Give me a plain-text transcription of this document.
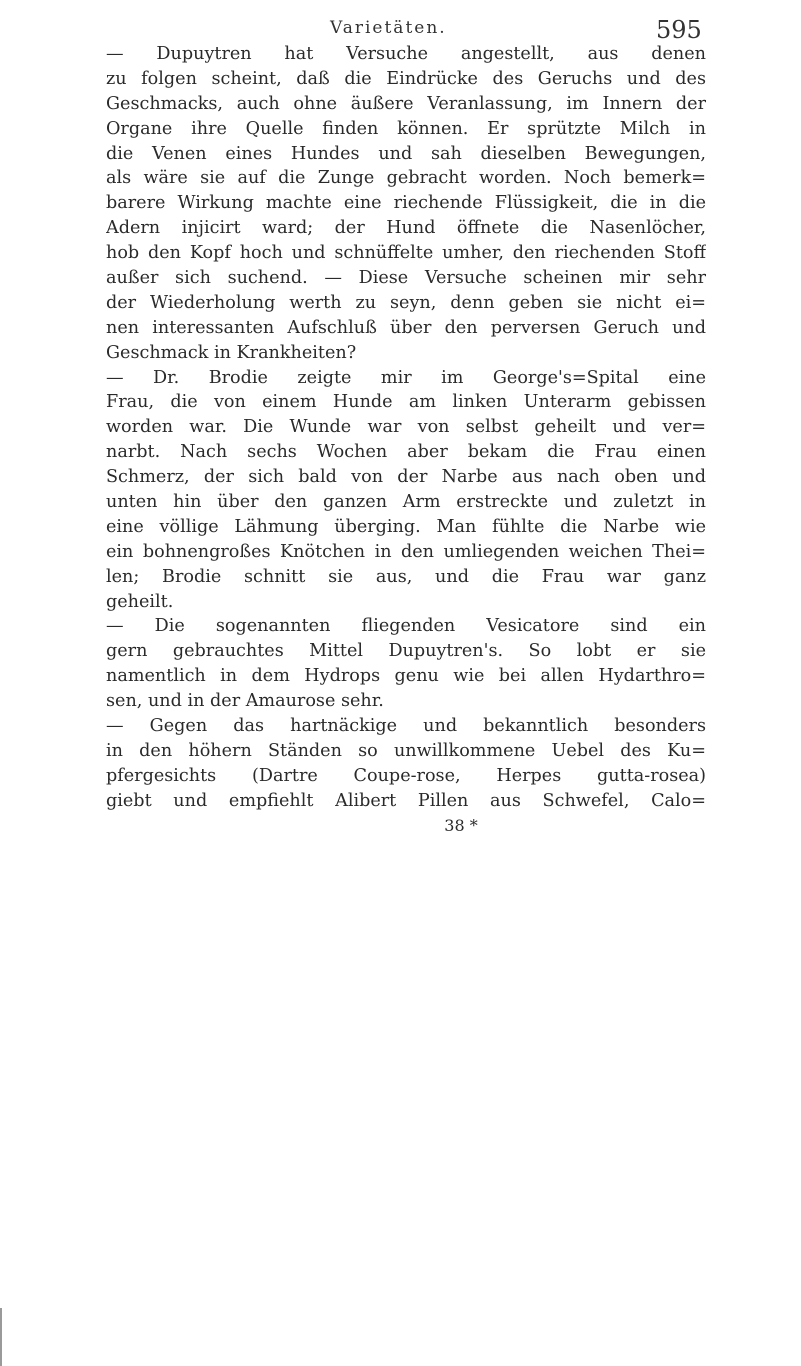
Varietäten.	595
— Dupuytren hat Versuche angestellt, aus denen
zu folgen scheint, daß die Eindrücke des Geruchs und des
Geschmacks, auch ohne äußere Veranlassung, im Innern der
Organe ihre Quelle finden können. Er sprützte Milch in
die Venen eines Hundes und sah dieselben Bewegungen,
als wäre sie auf die Zunge gebracht worden. Noch bemerk=
barere Wirkung machte eine riechende Flüssigkeit, die in die
Adern injicirt ward; der Hund öffnete die Nasenlöcher,
hob den Kopf hoch und schnüffelte umher, den riechenden Stoff
außer sich suchend. — Diese Versuche scheinen mir sehr
der Wiederholung werth zu seyn, denn geben sie nicht ei=
nen interessanten Aufschluß über den perversen Geruch und
Geschmack in Krankheiten?
— Dr. Brodie zeigte mir im George's=Spital eine
Frau, die von einem Hunde am linken Unterarm gebissen
worden war. Die Wunde war von selbst geheilt und ver=
narbt. Nach sechs Wochen aber bekam die Frau einen
Schmerz, der sich bald von der Narbe aus nach oben und
unten hin über den ganzen Arm erstreckte und zuletzt in
eine völlige Lähmung überging. Man fühlte die Narbe wie
ein bohnengroßes Knötchen in den umliegenden weichen Thei=
len; Brodie schnitt sie aus, und die Frau war ganz
geheilt.
— Die sogenannten fliegenden Vesicatore sind ein
gern gebrauchtes Mittel Dupuytren's. So lobt er sie
namentlich in dem Hydrops genu wie bei allen Hydarthro=
sen, und in der Amaurose sehr.
— Gegen das hartnäckige und bekanntlich besonders
in den höhern Ständen so unwillkommene Uebel des Ku=
pfergesichts (Dartre Coupe-rose, Herpes gutta-rosea)
giebt und empfiehlt Alibert Pillen aus Schwefel, Calo=
38 *
